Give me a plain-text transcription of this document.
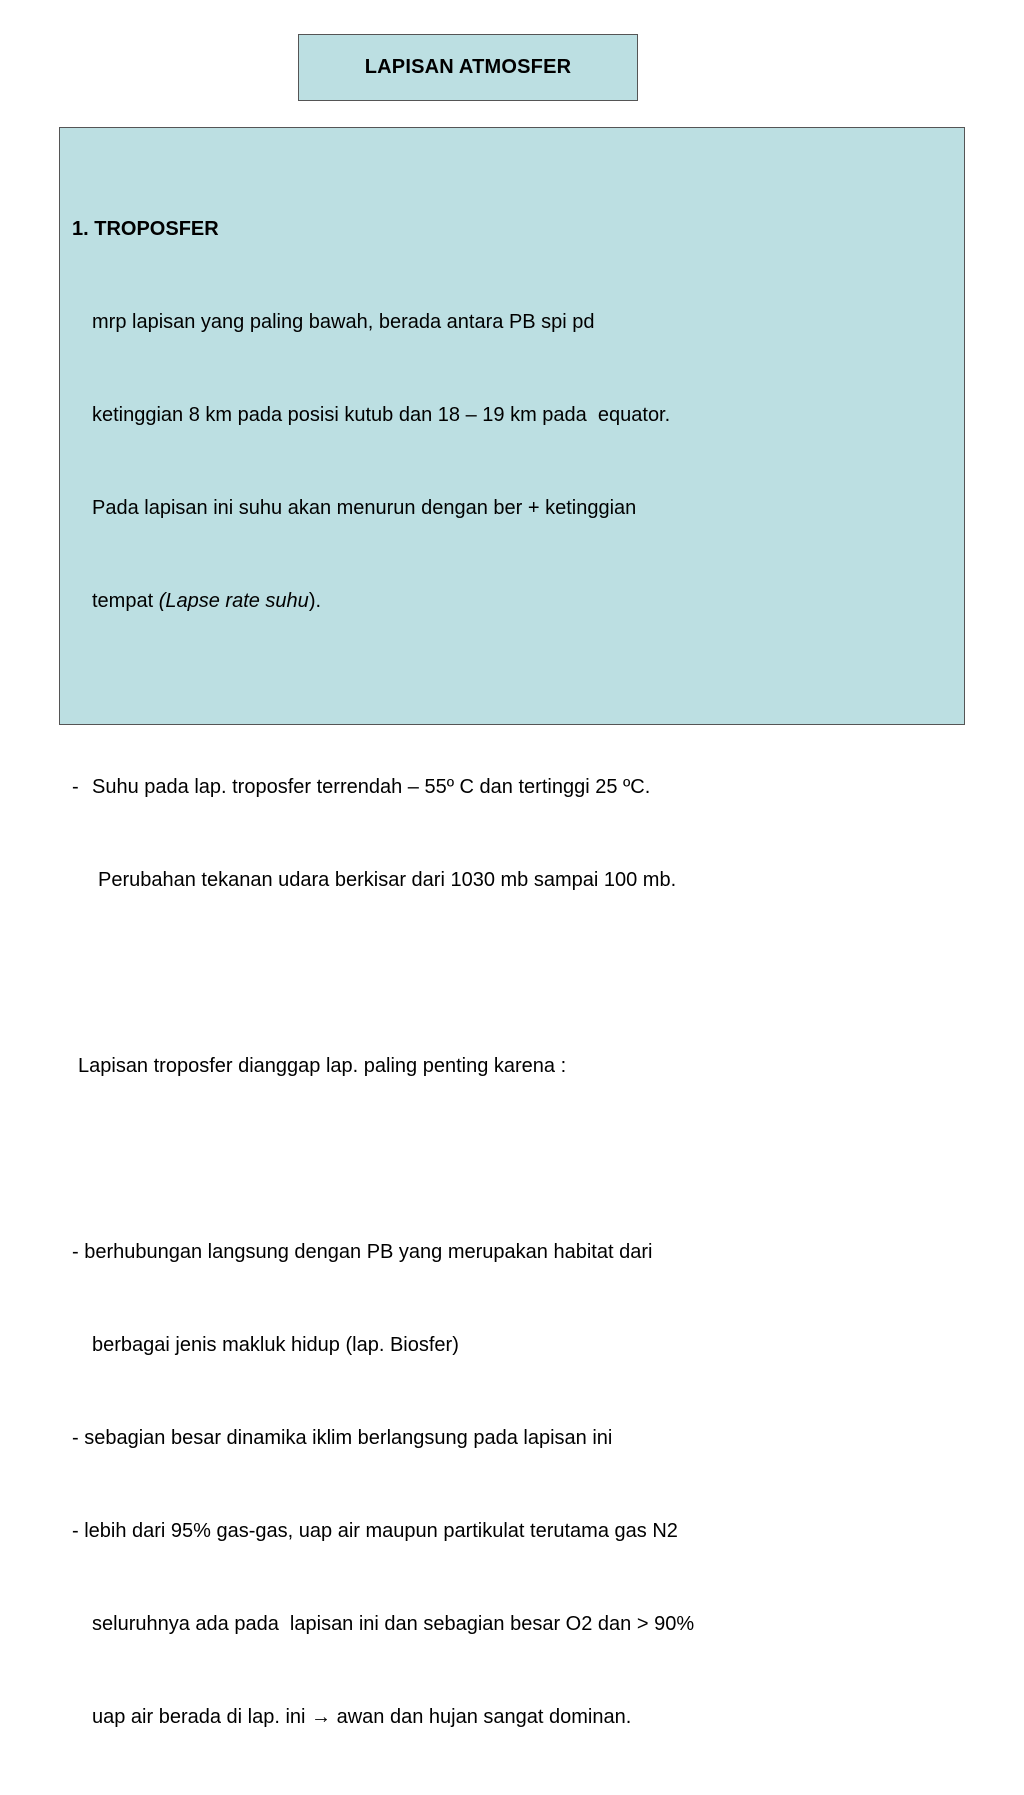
LAPISAN ATMOSFER

1. TROPOSFER

mrp lapisan yang paling bawah, berada antara PB spi pd

ketinggian 8 km pada posisi kutub dan 18 – 19 km pada  equator.

Pada lapisan ini suhu akan menurun dengan ber + ketinggian

tempat (Lapse rate suhu).

- Suhu pada lap. troposfer terrendah – 55º C dan tertinggi 25 ºC.

Perubahan tekanan udara berkisar dari 1030 mb sampai 100 mb.

Lapisan troposfer dianggap lap. paling penting karena :

- berhubungan langsung dengan PB yang merupakan habitat dari

berbagai jenis makluk hidup (lap. Biosfer)

- sebagian besar dinamika iklim berlangsung pada lapisan ini

- lebih dari 95% gas-gas, uap air maupun partikulat terutama gas N2

seluruhnya ada pada  lapisan ini dan sebagian besar O2 dan > 90%

uap air berada di lap. ini → awan dan hujan sangat dominan.
